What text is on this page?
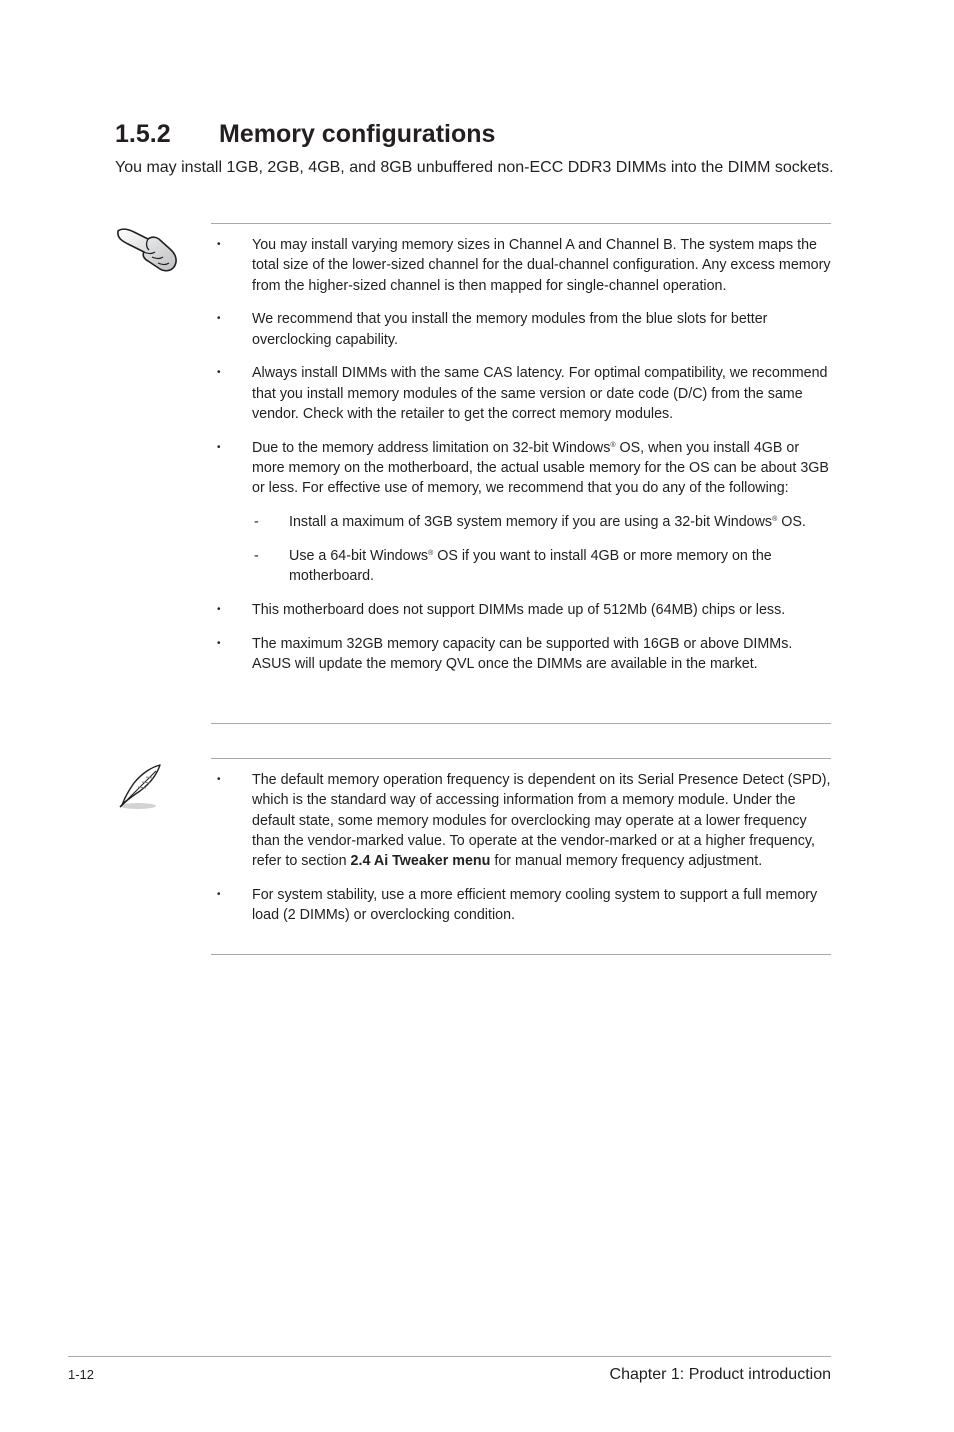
1.5.2 Memory configurations

You may install 1GB, 2GB, 4GB, and 8GB unbuffered non-ECC DDR3 DIMMs into the DIMM sockets.

• You may install varying memory sizes in Channel A and Channel B. The system maps the total size of the lower-sized channel for the dual-channel configuration. Any excess memory from the higher-sized channel is then mapped for single-channel operation.
• We recommend that you install the memory modules from the blue slots for better overclocking capability.
• Always install DIMMs with the same CAS latency. For optimal compatibility, we recommend that you install memory modules of the same version or date code (D/C) from the same vendor. Check with the retailer to get the correct memory modules.
• Due to the memory address limitation on 32-bit Windows® OS, when you install 4GB or more memory on the motherboard, the actual usable memory for the OS can be about 3GB or less. For effective use of memory, we recommend that you do any of the following:
- Install a maximum of 3GB system memory if you are using a 32-bit Windows® OS.
- Use a 64-bit Windows® OS if you want to install 4GB or more memory on the motherboard.
• This motherboard does not support DIMMs made up of 512Mb (64MB) chips or less.
• The maximum 32GB memory capacity can be supported with 16GB or above DIMMs. ASUS will update the memory QVL once the DIMMs are available in the market.
• The default memory operation frequency is dependent on its Serial Presence Detect (SPD), which is the standard way of accessing information from a memory module. Under the default state, some memory modules for overclocking may operate at a lower frequency than the vendor-marked value. To operate at the vendor-marked or at a higher frequency, refer to section 2.4 Ai Tweaker menu for manual memory frequency adjustment.
• For system stability, use a more efficient memory cooling system to support a full memory load (2 DIMMs) or overclocking condition.
1-12	Chapter 1: Product introduction
